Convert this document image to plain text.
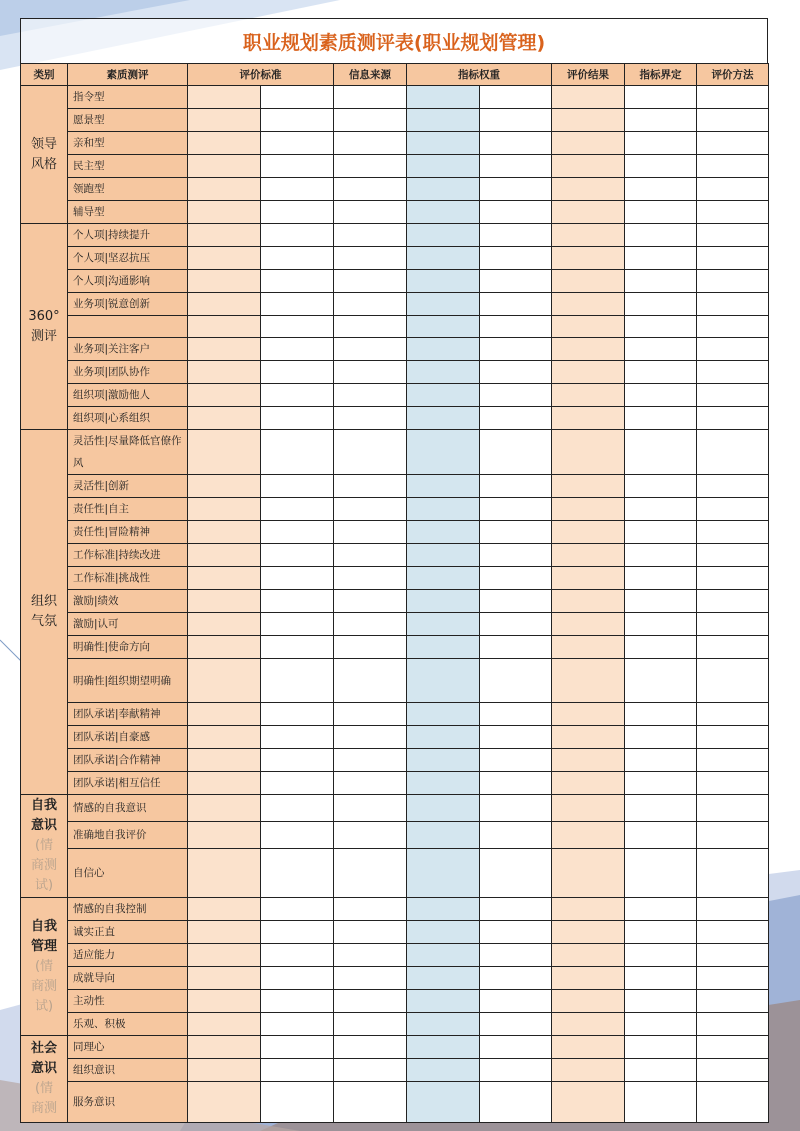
职业规划素质测评表(职业规划管理)
类别	素质测评	评价标准		信息来源	指标权重		评价结果	指标界定	评价方法

领导
风格	指令型								
	愿景型								
	亲和型								
	民主型								
	领跑型								
	辅导型								

360°
测评	个人项|持续提升								
	个人项|坚忍抗压								
	个人项|沟通影响								
	业务项|锐意创新								

	业务项|关注客户								
	业务项|团队协作								
	组织项|激励他人								
	组织项|心系组织								

组织
气氛	灵活性|尽量降低官僚作风								
	灵活性|创新								
	责任性|自主								
	责任性|冒险精神								
	工作标准|持续改进								
	工作标准|挑战性								
	激励|绩效								
	激励|认可								
	明确性|使命方向								
	明确性|组织期望明确								
	团队承诺|奉献精神								
	团队承诺|自豪感								
	团队承诺|合作精神								
	团队承诺|相互信任								

自我
意识
(情
商测
试)	情感的自我意识								
	准确地自我评价								
	自信心								

自我
管理
(情
商测
试)	情感的自我控制								
	诚实正直								
	适应能力								
	成就导向								
	主动性								
	乐观、积极								

社会
意识
(情
商测	同理心								
	组织意识								
	服务意识								
